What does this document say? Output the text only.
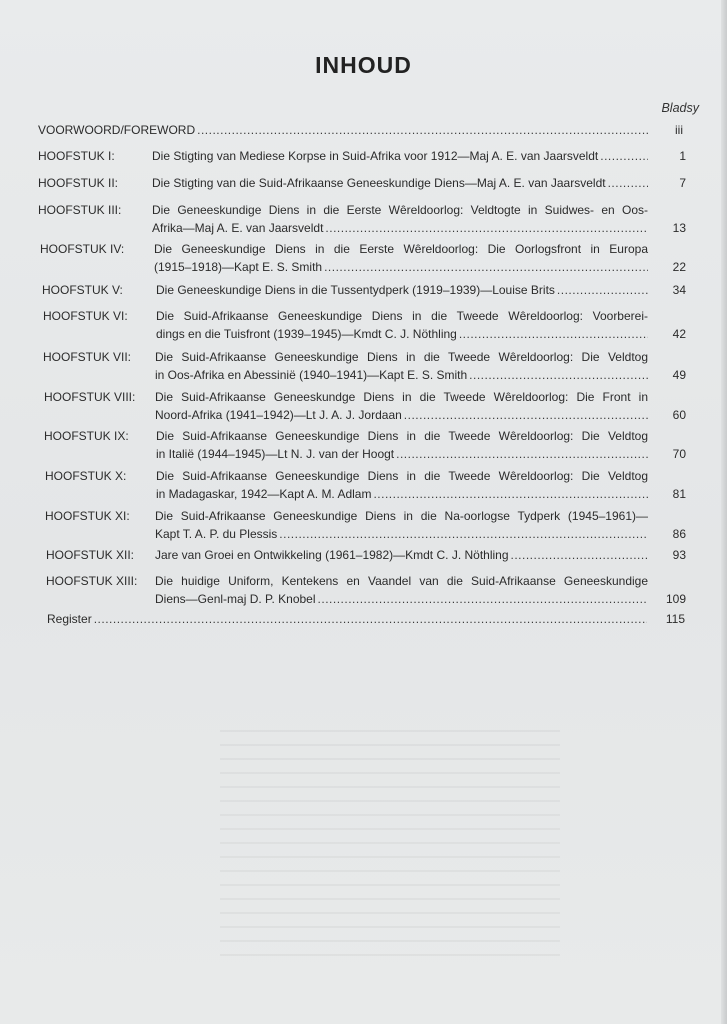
INHOUD
Bladsy
VOORWOORD/FOREWORD .....	iii
HOOFSTUK I:	Die Stigting van Mediese Korpse in Suid-Afrika voor 1912—Maj A. E. van Jaarsveldt .....	1
HOOFSTUK II:	Die Stigting van die Suid-Afrikaanse Geneeskundige Diens—Maj A. E. van Jaarsveldt .....	7
HOOFSTUK III:	Die Geneeskundige Diens in die Eerste Wêreldoorlog: Veldtogte in Suidwes- en Oos-
Afrika—Maj A. E. van Jaarsveldt .....	13
HOOFSTUK IV: Die Geneeskundige Diens in die Eerste Wêreldoorlog: Die Oorlogsfront in Europa
(1915–1918)—Kapt E. S. Smith .....	22
HOOFSTUK V:	Die Geneeskundige Diens in die Tussentydperk (1919–1939)—Louise Brits .....	34
HOOFSTUK VI: Die Suid-Afrikaanse Geneeskundige Diens in die Tweede Wêreldoorlog: Voorberei-
dings en die Tuisfront (1939–1945)—Kmdt C. J. Nöthling .....	42
HOOFSTUK VII: Die Suid-Afrikaanse Geneeskundige Diens in die Tweede Wêreldoorlog: Die Veldtog
in Oos-Afrika en Abessinië (1940–1941)—Kapt E. S. Smith .....	49
HOOFSTUK VIII: Die Suid-Afrikaanse Geneeskundge Diens in die Tweede Wêreldoorlog: Die Front in
Noord-Afrika (1941–1942)—Lt J. A. J. Jordaan .....	60
HOOFSTUK IX: Die Suid-Afrikaanse Geneeskundige Diens in die Tweede Wêreldoorlog: Die Veldtog
in Italië (1944–1945)—Lt N. J. van der Hoogt .....	70
HOOFSTUK X: Die Suid-Afrikaanse Geneeskundige Diens in die Tweede Wêreldoorlog: Die Veldtog
in Madagaskar, 1942—Kapt A. M. Adlam .....	81
HOOFSTUK XI: Die Suid-Afrikaanse Geneeskundige Diens in die Na-oorlogse Tydperk (1945–1961)—
Kapt T. A. P. du Plessis .....	86
HOOFSTUK XII: Jare van Groei en Ontwikkeling (1961–1982)—Kmdt C. J. Nöthling .....	93
HOOFSTUK XIII: Die huidige Uniform, Kentekens en Vaandel van die Suid-Afrikaanse Geneeskundige
Diens—Genl-maj D. P. Knobel .....	109
Register .....	115
